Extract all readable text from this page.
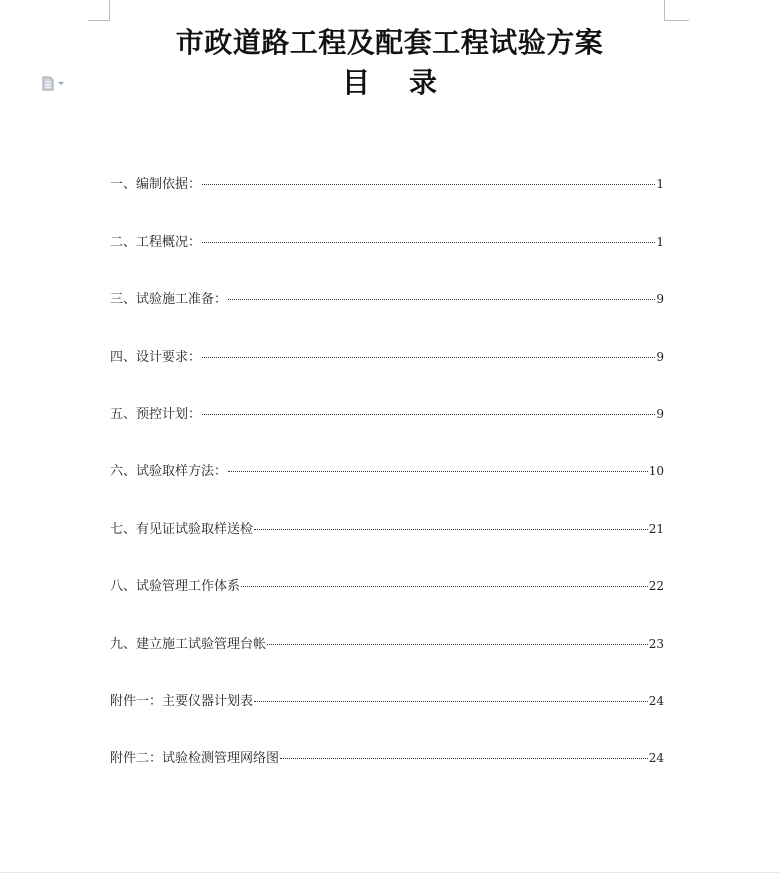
市政道路工程及配套工程试验方案
目    录
一、编制依据：	1
二、工程概况：	1
三、试验施工准备：	9
四、设计要求：	9
五、预控计划：	9
六、试验取样方法：	10
七、有见证试验取样送检	21
八、试验管理工作体系	22
九、建立施工试验管理台帐	23
附件一：主要仪器计划表	24
附件二：试验检测管理网络图	24
